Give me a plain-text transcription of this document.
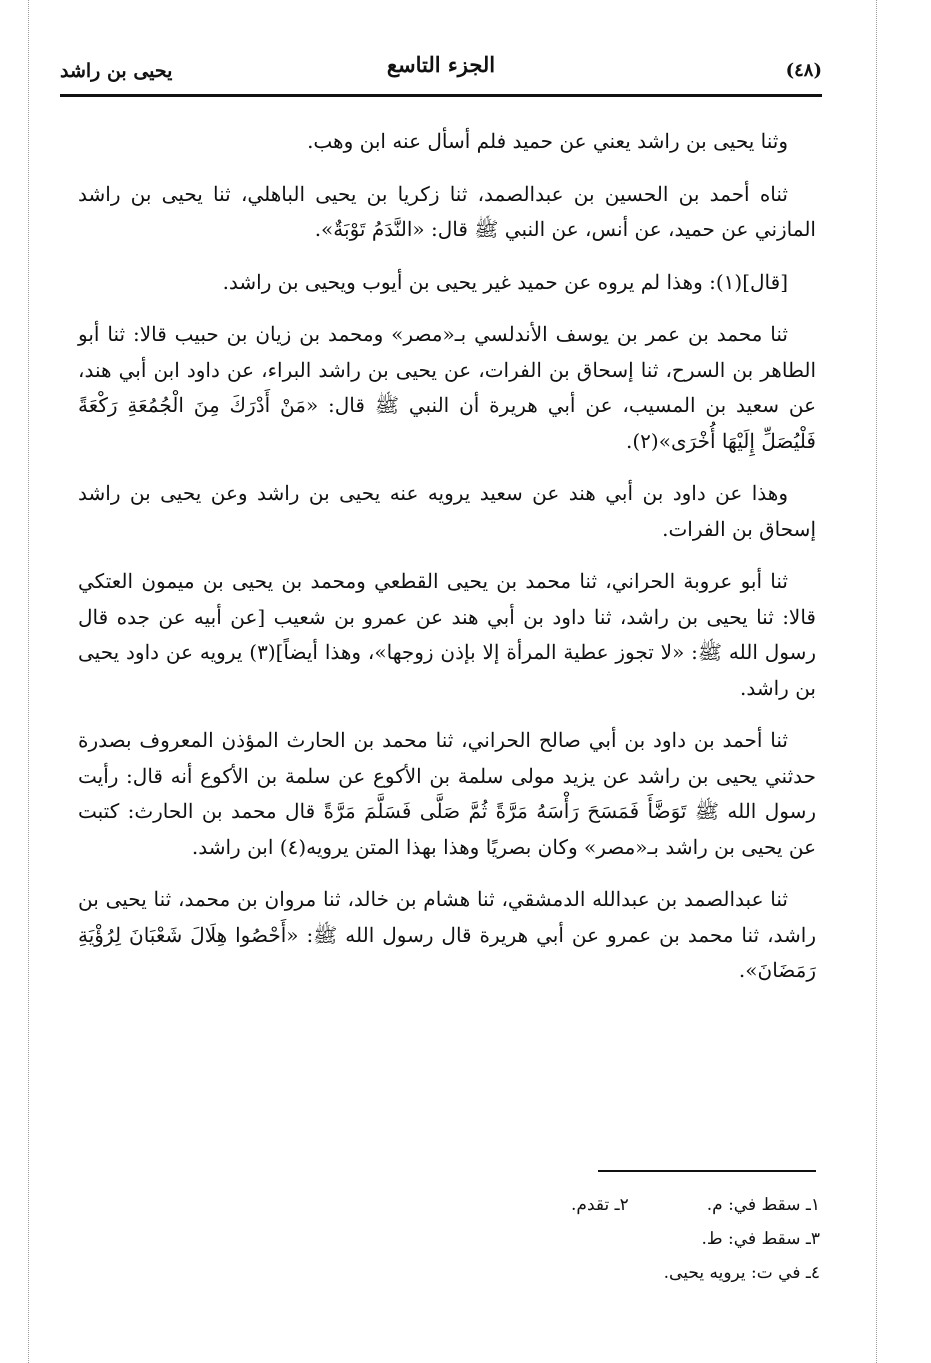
(٤٨)
الجزء التاسع
يحيى بن راشد

وثنا يحيى بن راشد يعني عن حميد فلم أسأل عنه ابن وهب.

ثناه أحمد بن الحسين بن عبدالصمد، ثنا زكريا بن يحيى الباهلي، ثنا يحيى بن راشد المازني عن حميد، عن أنس، عن النبي ﷺ قال: «النَّدَمُ تَوْبَةٌ».

[قال](١): وهذا لم يروه عن حميد غير يحيى بن أيوب ويحيى بن راشد.

ثنا محمد بن عمر بن يوسف الأندلسي بـ«مصر» ومحمد بن زيان بن حبيب قالا: ثنا أبو الطاهر بن السرح، ثنا إسحاق بن الفرات، عن يحيى بن راشد البراء، عن داود ابن أبي هند، عن سعيد بن المسيب، عن أبي هريرة أن النبي ﷺ قال: «مَنْ أَدْرَكَ مِنَ الْجُمُعَةِ رَكْعَةً فَلْيُصَلِّ إِلَيْهَا أُخْرَى»(٢).

وهذا عن داود بن أبي هند عن سعيد يرويه عنه يحيى بن راشد وعن يحيى بن راشد إسحاق بن الفرات.

ثنا أبو عروبة الحراني، ثنا محمد بن يحيى القطعي ومحمد بن يحيى بن ميمون العتكي قالا: ثنا يحيى بن راشد، ثنا داود بن أبي هند عن عمرو بن شعيب [عن أبيه عن جده قال رسول الله ﷺ: «لا تجوز عطية المرأة إلا بإذن زوجها»، وهذا أيضاً](٣) يرويه عن داود يحيى بن راشد.

ثنا أحمد بن داود بن أبي صالح الحراني، ثنا محمد بن الحارث المؤذن المعروف بصدرة حدثني يحيى بن راشد عن يزيد مولى سلمة بن الأكوع عن سلمة بن الأكوع أنه قال: رأيت رسول الله ﷺ تَوَضَّأَ فَمَسَحَ رَأْسَهُ مَرَّةً ثُمَّ صَلَّى فَسَلَّمَ مَرَّةً قال محمد بن الحارث: كتبت عن يحيى بن راشد بـ«مصر» وكان بصريًا وهذا بهذا المتن يرويه(٤) ابن راشد.

ثنا عبدالصمد بن عبدالله الدمشقي، ثنا هشام بن خالد، ثنا مروان بن محمد، ثنا يحيى بن راشد، ثنا محمد بن عمرو عن أبي هريرة قال رسول الله ﷺ: «أَحْصُوا هِلَالَ شَعْبَانَ لِرُؤْيَةِ رَمَضَانَ».

١ـ سقط في: م.
٢ـ تقدم.
٣ـ سقط في: ط.
٤ـ في ت: يرويه يحيى.
